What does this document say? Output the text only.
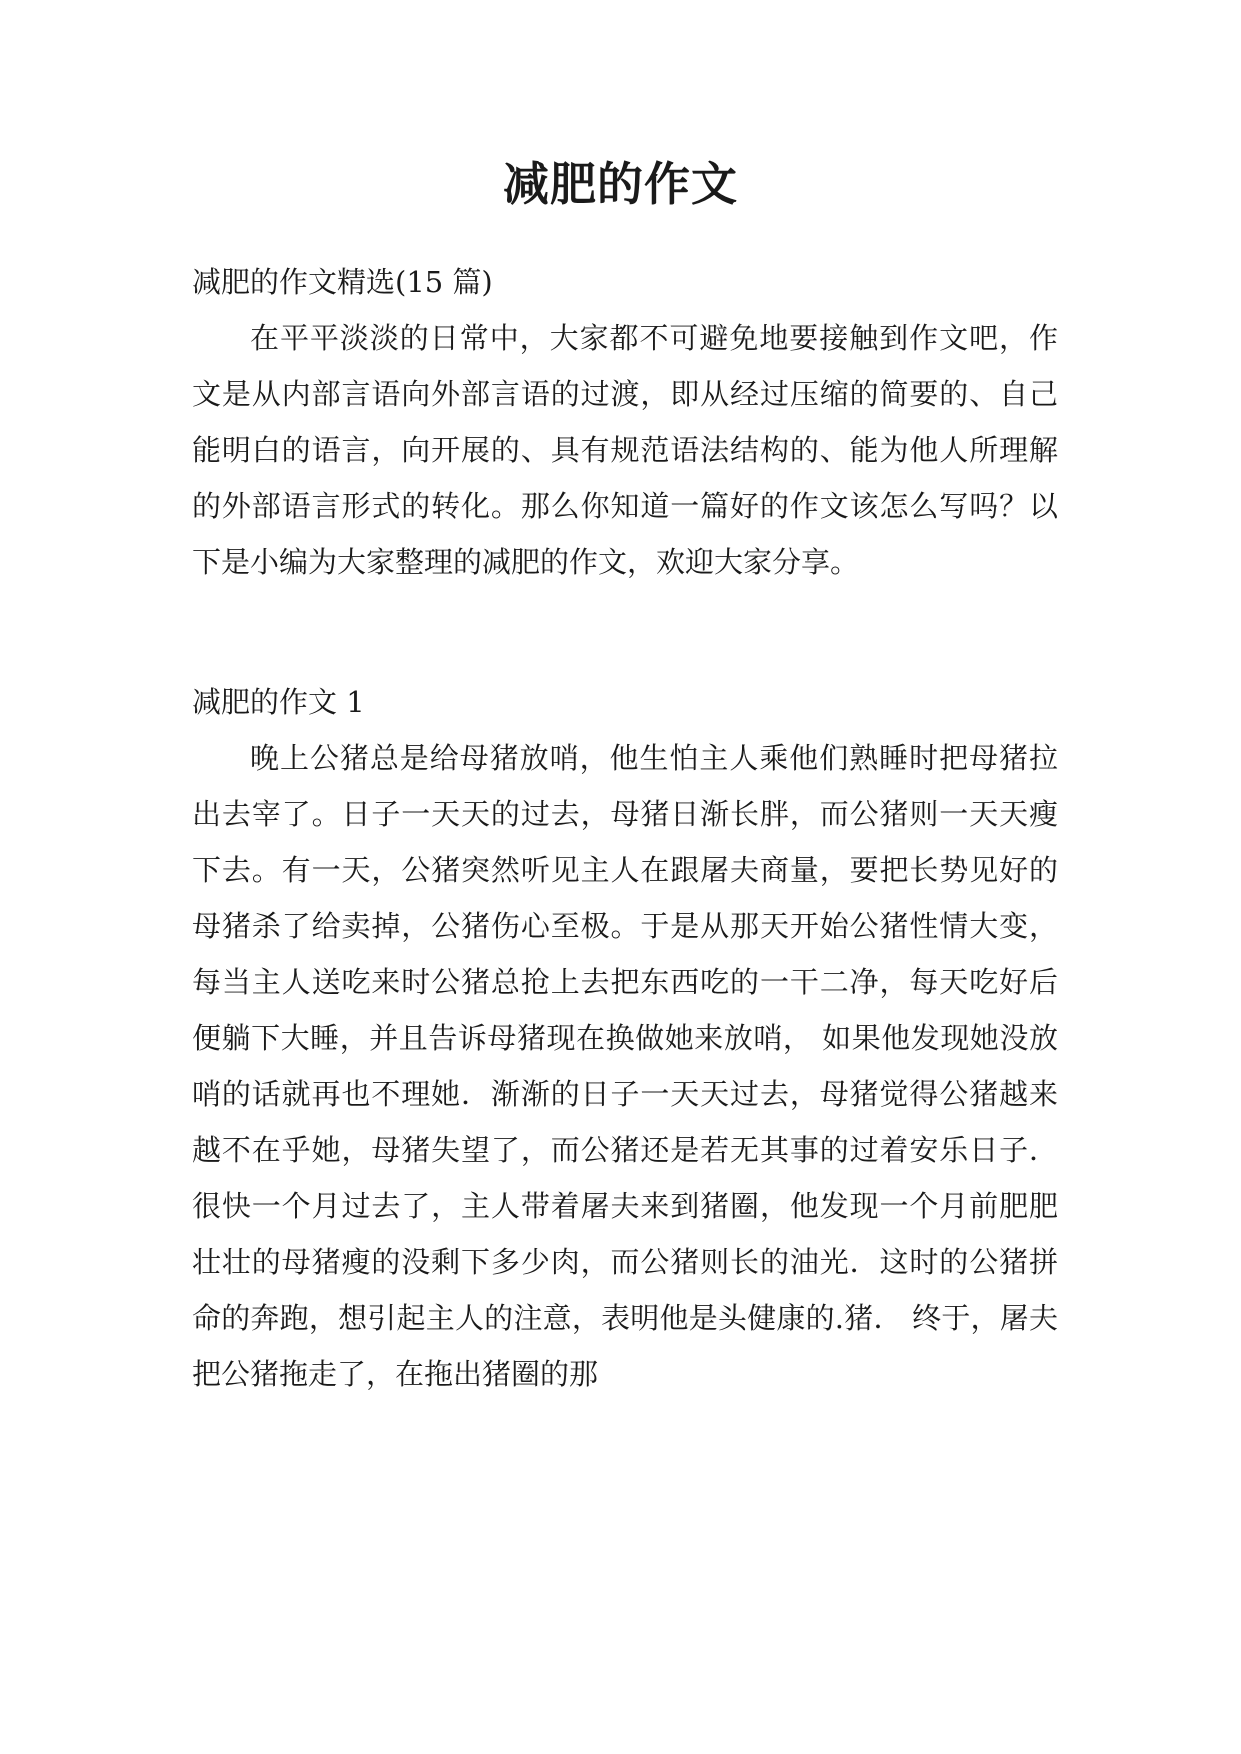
减肥的作文

减肥的作文精选(15 篇)

在平平淡淡的日常中，大家都不可避免地要接触到作文吧，作文是从内部言语向外部言语的过渡，即从经过压缩的简要的、自己能明白的语言，向开展的、具有规范语法结构的、能为他人所理解的外部语言形式的转化。那么你知道一篇好的作文该怎么写吗？以下是小编为大家整理的减肥的作文，欢迎大家分享。

减肥的作文 1

晚上公猪总是给母猪放哨，他生怕主人乘他们熟睡时把母猪拉出去宰了。日子一天天的过去，母猪日渐长胖，而公猪则一天天瘦下去。有一天，公猪突然听见主人在跟屠夫商量，要把长势见好的母猪杀了给卖掉，公猪伤心至极。于是从那天开始公猪性情大变， 每当主人送吃来时公猪总抢上去把东西吃的一干二净，每天吃好后便躺下大睡，并且告诉母猪现在换做她来放哨， 如果他发现她没放哨的话就再也不理她．渐渐的日子一天天过去，母猪觉得公猪越来越不在乎她，母猪失望了，而公猪还是若无其事的过着安乐日子．很快一个月过去了，主人带着屠夫来到猪圈，他发现一个月前肥肥壮壮的母猪瘦的没剩下多少肉，而公猪则长的油光．这时的公猪拼命的奔跑，想引起主人的注意，表明他是头健康的.猪． 终于，屠夫把公猪拖走了，在拖出猪圈的那
